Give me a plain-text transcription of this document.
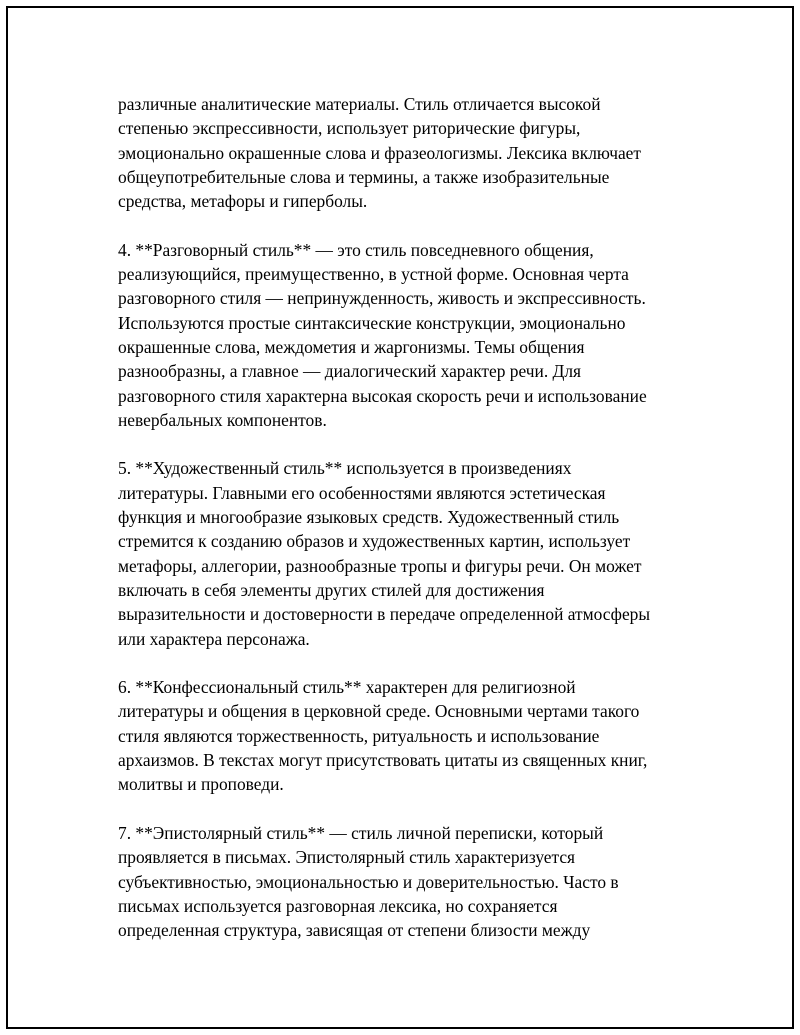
различные аналитические материалы. Стиль отличается высокой
степенью экспрессивности, использует риторические фигуры,
эмоционально окрашенные слова и фразеологизмы. Лексика включает
общеупотребительные слова и термины, а также изобразительные
средства, метафоры и гиперболы.

4. **Разговорный стиль** — это стиль повседневного общения,
реализующийся, преимущественно, в устной форме. Основная черта
разговорного стиля — непринужденность, живость и экспрессивность.
Используются простые синтаксические конструкции, эмоционально
окрашенные слова, междометия и жаргонизмы. Темы общения
разнообразны, а главное — диалогический характер речи. Для
разговорного стиля характерна высокая скорость речи и использование
невербальных компонентов.

5. **Художественный стиль** используется в произведениях
литературы. Главными его особенностями являются эстетическая
функция и многообразие языковых средств. Художественный стиль
стремится к созданию образов и художественных картин, использует
метафоры, аллегории, разнообразные тропы и фигуры речи. Он может
включать в себя элементы других стилей для достижения
выразительности и достоверности в передаче определенной атмосферы
или характера персонажа.

6. **Конфессиональный стиль** характерен для религиозной
литературы и общения в церковной среде. Основными чертами такого
стиля являются торжественность, ритуальность и использование
архаизмов. В текстах могут присутствовать цитаты из священных книг,
молитвы и проповеди.

7. **Эпистолярный стиль** — стиль личной переписки, который
проявляется в письмах. Эпистолярный стиль характеризуется
субъективностью, эмоциональностью и доверительностью. Часто в
письмах используется разговорная лексика, но сохраняется
определенная структура, зависящая от степени близости между
